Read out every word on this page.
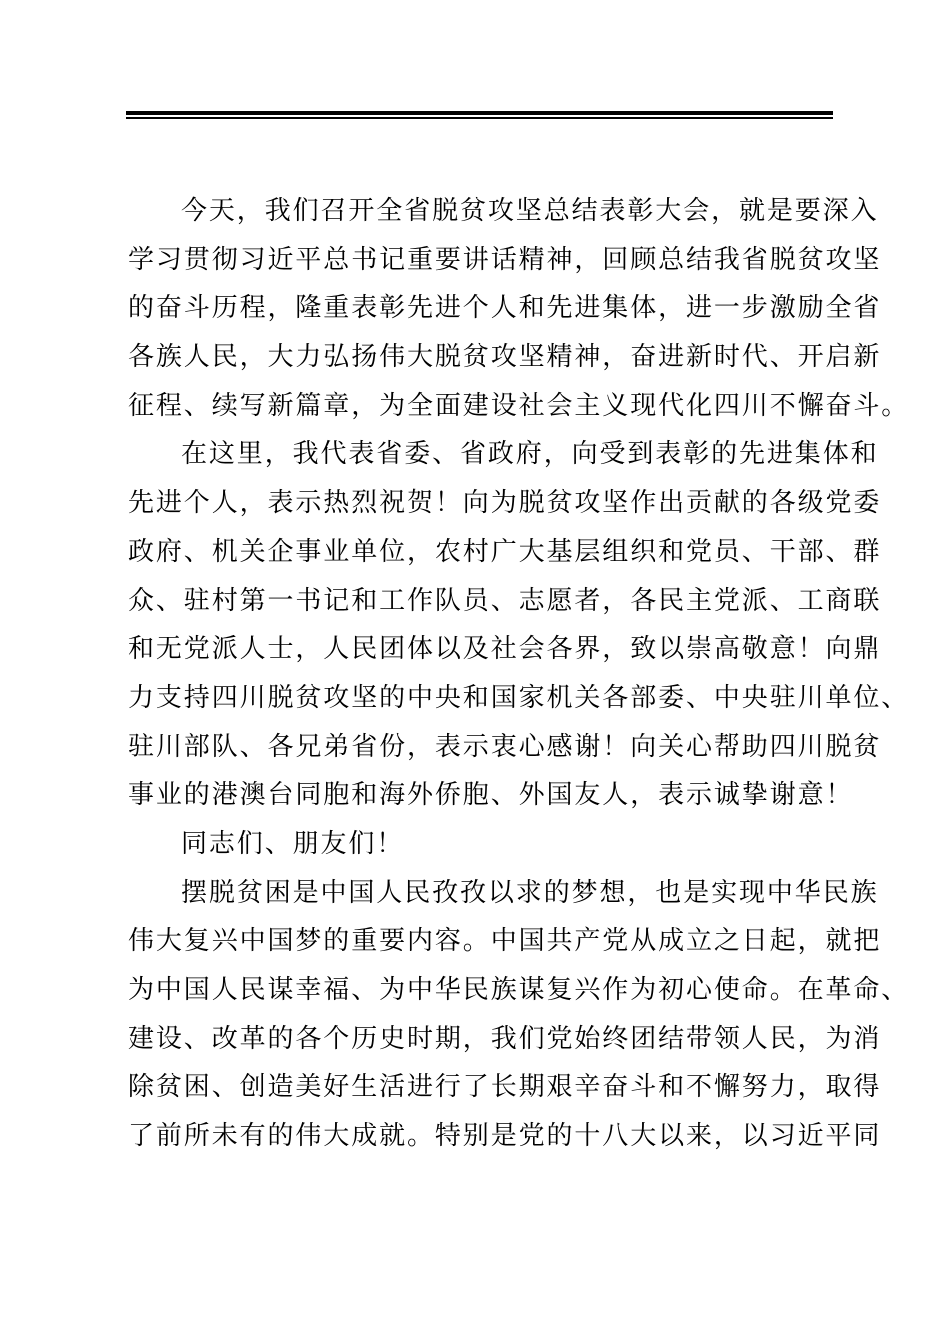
今天，我们召开全省脱贫攻坚总结表彰大会，就是要深入
学习贯彻习近平总书记重要讲话精神，回顾总结我省脱贫攻坚
的奋斗历程，隆重表彰先进个人和先进集体，进一步激励全省
各族人民，大力弘扬伟大脱贫攻坚精神，奋进新时代、开启新
征程、续写新篇章，为全面建设社会主义现代化四川不懈奋斗。
在这里，我代表省委、省政府，向受到表彰的先进集体和
先进个人，表示热烈祝贺！向为脱贫攻坚作出贡献的各级党委
政府、机关企事业单位，农村广大基层组织和党员、干部、群
众、驻村第一书记和工作队员、志愿者，各民主党派、工商联
和无党派人士，人民团体以及社会各界，致以崇高敬意！向鼎
力支持四川脱贫攻坚的中央和国家机关各部委、中央驻川单位、
驻川部队、各兄弟省份，表示衷心感谢！向关心帮助四川脱贫
事业的港澳台同胞和海外侨胞、外国友人，表示诚挚谢意！
同志们、朋友们！
摆脱贫困是中国人民孜孜以求的梦想，也是实现中华民族
伟大复兴中国梦的重要内容。中国共产党从成立之日起，就把
为中国人民谋幸福、为中华民族谋复兴作为初心使命。在革命、
建设、改革的各个历史时期，我们党始终团结带领人民，为消
除贫困、创造美好生活进行了长期艰辛奋斗和不懈努力，取得
了前所未有的伟大成就。特别是党的十八大以来，以习近平同
